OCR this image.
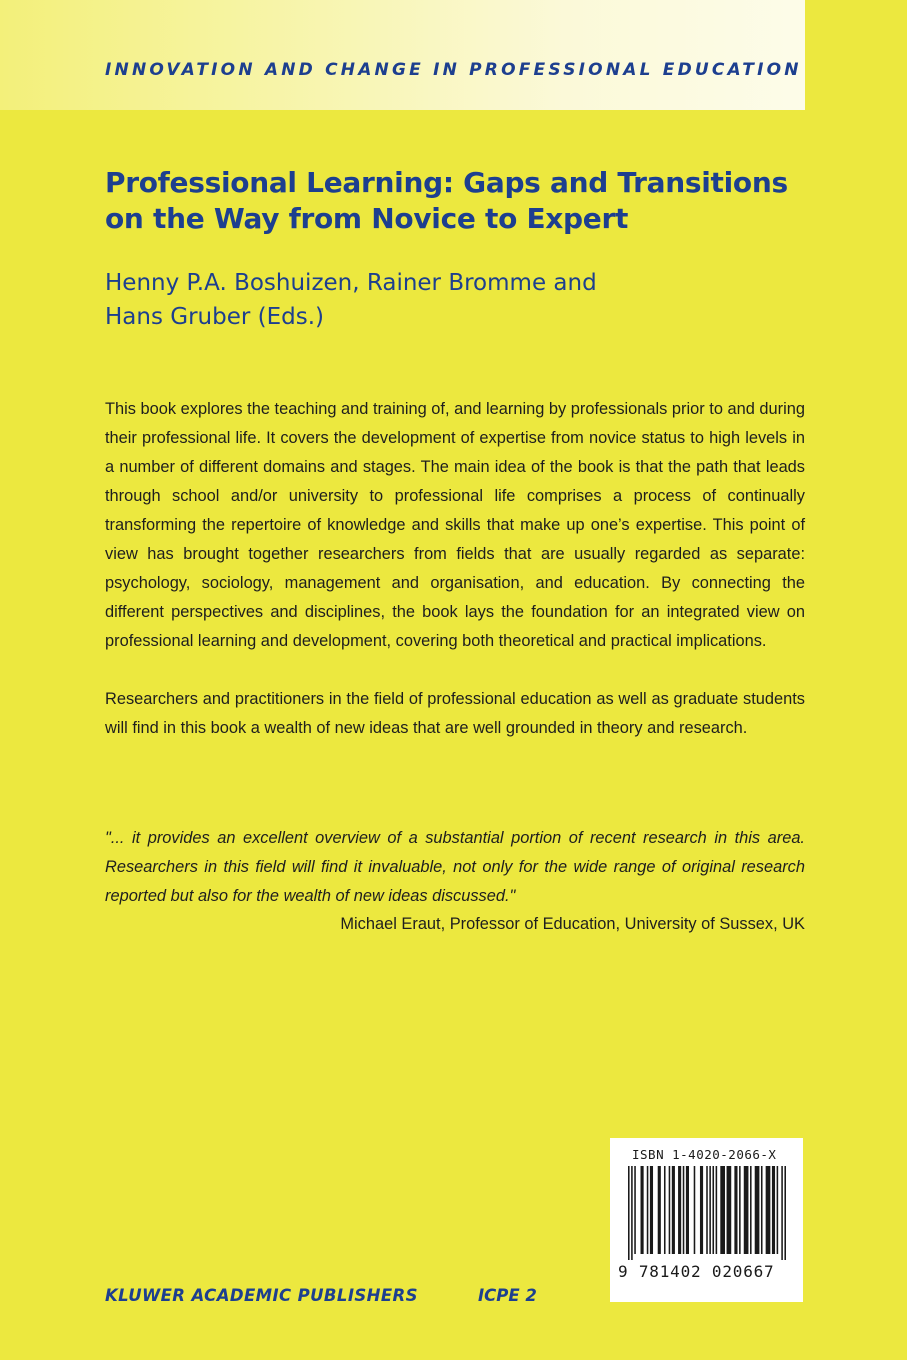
INNOVATION AND CHANGE IN PROFESSIONAL EDUCATION
Professional Learning: Gaps and Transitions
on the Way from Novice to Expert
Henny P.A. Boshuizen, Rainer Bromme and
Hans Gruber (Eds.)

This book explores the teaching and training of, and learning by professionals prior to and during their professional life. It covers the development of expertise from novice status to high levels in a number of different domains and stages. The main idea of the book is that the path that leads through school and/or university to professional life comprises a process of continually transforming the repertoire of knowledge and skills that make up one’s expertise. This point of view has brought together researchers from fields that are usually regarded as separate: psychology, sociology, management and organisation, and education. By connecting the different perspectives and disciplines, the book lays the foundation for an integrated view on professional learning and development, covering both theoretical and practical implications.

Researchers and practitioners in the field of professional education as well as graduate students will find in this book a wealth of new ideas that are well grounded in theory and research.

"... it provides an excellent overview of a substantial portion of recent research in this area. Researchers in this field will find it invaluable, not only for the wide range of original research reported but also for the wealth of new ideas discussed."
Michael Eraut, Professor of Education, University of Sussex, UK
ISBN 1-4020-2066-X
9 781402 020667
KLUWER ACADEMIC PUBLISHERS	ICPE 2
